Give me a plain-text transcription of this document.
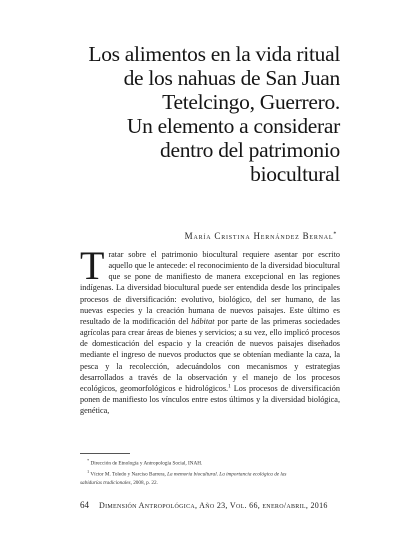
Los alimentos en la vida ritual
de los nahuas de San Juan
Tetelcingo, Guerrero.
Un elemento a considerar
dentro del patrimonio
biocultural
María Cristina Hernández Bernal*
Tratar sobre el patrimonio biocultural requiere asentar por escrito aquello que le antecede: el reconocimiento de la diversidad biocultural que se pone de manifiesto de manera excepcional en las regiones indígenas. La diversidad biocultural puede ser entendida desde los principales procesos de diversificación: evolutivo, biológico, del ser humano, de las nuevas especies y la creación humana de nuevos paisajes. Este último es resultado de la modificación del hábitat por parte de las primeras sociedades agrícolas para crear áreas de bienes y servicios; a su vez, ello implicó procesos de domesticación del espacio y la creación de nuevos paisajes diseñados mediante el ingreso de nuevos productos que se obtenían mediante la caza, la pesca y la recolección, adecuándolos con mecanismos y estrategias desarrollados a través de la observación y el manejo de los procesos ecológicos, geomorfológicos e hidrológicos.$^1$ Los procesos de diversificación ponen de manifiesto los vínculos entre estos últimos y la diversidad biológica, genética,
* Dirección de Etnología y Antropología Social, INAH.
$^1$ Víctor M. Toledo y Narciso Barrera, La memoria biocultural. La importancia ecológica de las
sabidurías tradicionales, 2008, p. 22.
64 Dimensión Antropológica, Año 23, Vol. 66, enero/abril, 2016
